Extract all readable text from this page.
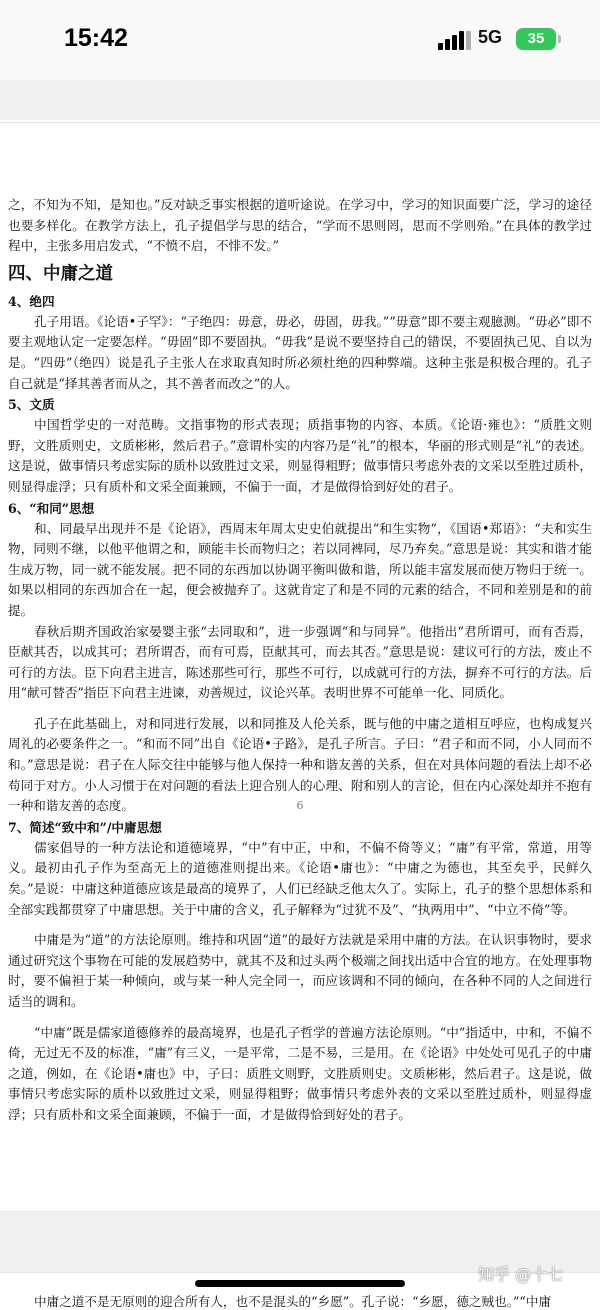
15:42	5G	35

之，不知为不知，是知也。”反对缺乏事实根据的道听途说。在学习中，学习的知识面要广泛，学习的途径也要多样化。在教学方法上，孔子提倡学与思的结合，“学而不思则罔，思而不学则殆。”在具体的教学过程中，主张多用启发式，“不愤不启，不悱不发。”

四、中庸之道
4、绝四

孔子用语。《论语•子罕》：“子绝四：毋意，毋必，毋固，毋我。”“毋意”即不要主观臆测。“毋必”即不要主观地认定一定要怎样。“毋固”即不要固执。“毋我”是说不要坚持自己的错误，不要固执己见、自以为是。“四毋”（绝四）说是孔子主张人在求取真知时所必须杜绝的四种弊端。这种主张是积极合理的。孔子自己就是“择其善者而从之，其不善者而改之”的人。

5、文质

中国哲学史的一对范畴。文指事物的形式表现；质指事物的内容、本质。《论语·雍也》：“质胜文则野，文胜质则史，文质彬彬，然后君子。”意谓朴实的内容乃是“礼”的根本，华丽的形式则是“礼”的表述。这是说，做事情只考虑实际的质朴以致胜过文采，则显得粗野；做事情只考虑外表的文采以至胜过质朴，则显得虚浮；只有质朴和文采全面兼顾，不偏于一面，才是做得恰到好处的君子。

6、“和同”思想

和、同最早出现并不是《论语》，西周末年周太史史伯就提出“和生实物”，《国语•郑语》：“夫和实生物，同则不继，以他平他谓之和，顾能丰长而物归之；若以同裨同，尽乃弃矣。”意思是说：其实和谐才能生成万物，同一就不能发展。把不同的东西加以协调平衡叫做和谐，所以能丰富发展而使万物归于统一。如果以相同的东西加合在一起，便会被抛弃了。这就肯定了和是不同的元素的结合，不同和差别是和的前提。

春秋后期齐国政治家晏婴主张“去同取和”，进一步强调“和与同异”。他指出“君所谓可，而有否焉，臣献其否，以成其可；君所谓否，而有可焉，臣献其可，而去其否。”意思是说：建议可行的方法，废止不可行的方法。臣下向君主进言，陈述那些可行，那些不可行，以成就可行的方法，摒弃不可行的方法。后用“献可替否”指臣下向君主进谏，劝善规过，议论兴革。表明世界不可能单一化、同质化。

孔子在此基础上，对和同进行发展，以和同推及人伦关系，既与他的中庸之道相互呼应，也构成复兴周礼的必要条件之一。“和而不同”出自《论语•子路》，是孔子所言。子曰：“君子和而不同，小人同而不和。”意思是说：君子在人际交往中能够与他人保持一种和谐友善的关系，但在对具体问题的看法上却不必苟同于对方。小人习惯于在对问题的看法上迎合别人的心理、附和别人的言论，但在内心深处却并不抱有一种和谐友善的态度。

7、简述“致中和”/中庸思想

儒家倡导的一种方法论和道德境界，“中”有中正，中和，不偏不倚等义；“庸”有平常，常道，用等义。最初由孔子作为至高无上的道德准则提出来。《论语•庸也》：“中庸之为德也，其至矣乎，民鲜久矣。”是说：中庸这种道德应该是最高的境界了，人们已经缺乏他太久了。实际上，孔子的整个思想体系和全部实践都贯穿了中庸思想。关于中庸的含义，孔子解释为“过犹不及”、“执两用中”、“中立不倚”等。

中庸是为“道”的方法论原则。维持和巩固“道”的最好方法就是采用中庸的方法。在认识事物时，要求通过研究这个事物在可能的发展趋势中，就其不及和过头两个极端之间找出适中合宜的地方。在处理事物时，要不偏袒于某一种倾向，或与某一种人完全同一，而应该调和不同的倾向，在各种不同的人之间进行适当的调和。

“中庸”既是儒家道德修养的最高境界，也是孔子哲学的普遍方法论原则。“中”指适中，中和，不偏不倚，无过无不及的标准，“庸”有三义，一是平常，二是不易，三是用。在《论语》中处处可见孔子的中庸之道，例如，在《论语•庸也》中，子曰：质胜文则野，文胜质则史。文质彬彬，然后君子。这是说，做事情只考虑实际的质朴以致胜过文采，则显得粗野；做事情只考虑外表的文采以至胜过质朴，则显得虚浮；只有质朴和文采全面兼顾，不偏于一面，才是做得恰到好处的君子。

6
中庸之道不是无原则的迎合所有人，也不是混头的“乡愿”。孔子说：“乡愿，德之贼也。”“中庸
知乎 @十七
